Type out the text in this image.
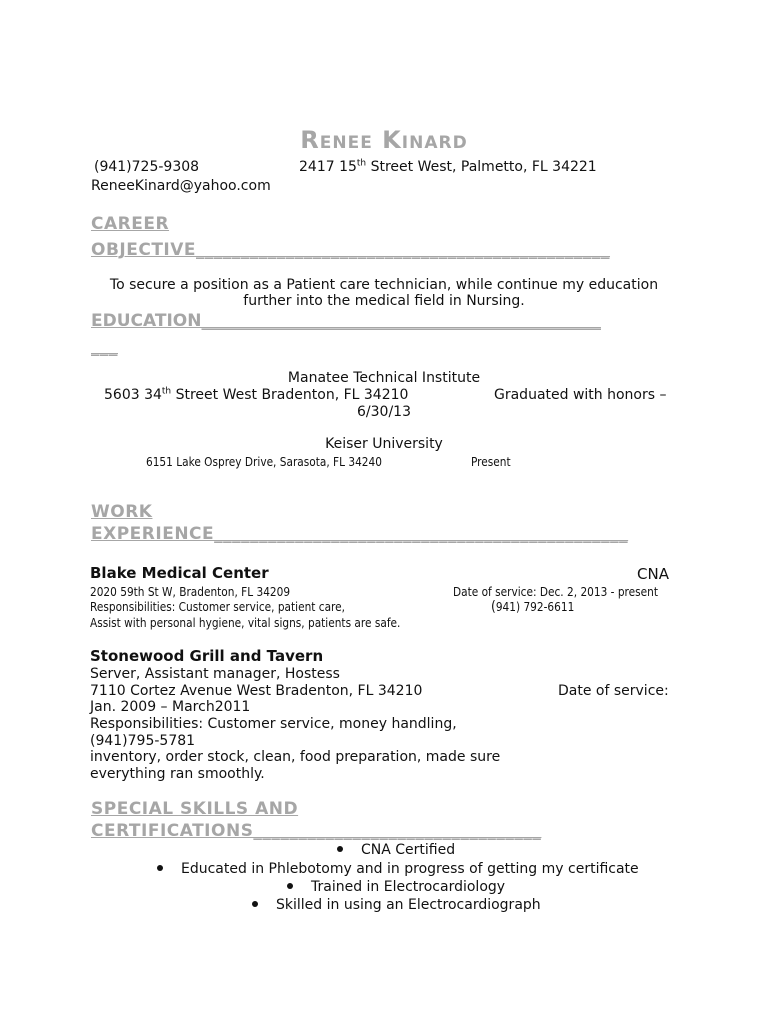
Renee Kinard
(941)725-9308	2417 15th Street West, Palmetto, FL 34221
ReneeKinard@yahoo.com
CAREER
OBJECTIVE______________________________________________
To secure a position as a Patient care technician, while continue my education
further into the medical field in Nursing.
EDUCATION_______________________________________________
___
Manatee Technical Institute
5603 34th Street West Bradenton, FL 34210	Graduated with honors –
6/30/13
Keiser University
6151 Lake Osprey Drive, Sarasota, FL 34240	Present
WORK
EXPERIENCE______________________________________________
Blake Medical Center	CNA
2020 59th St W, Bradenton, FL 34209	Date of service: Dec. 2, 2013 - present
Responsibilities: Customer service, patient care,	(941) 792-6611
Assist with personal hygiene, vital signs, patients are safe.
Stonewood Grill and Tavern
Server, Assistant manager, Hostess
7110 Cortez Avenue West Bradenton, FL 34210	Date of service:
Jan. 2009 – March2011
Responsibilities: Customer service, money handling,
(941)795-5781
inventory, order stock, clean, food preparation, made sure
everything ran smoothly.
SPECIAL SKILLS AND
CERTIFICATIONS________________________________
CNA Certified
Educated in Phlebotomy and in progress of getting my certificate
Trained in Electrocardiology
Skilled in using an Electrocardiograph
